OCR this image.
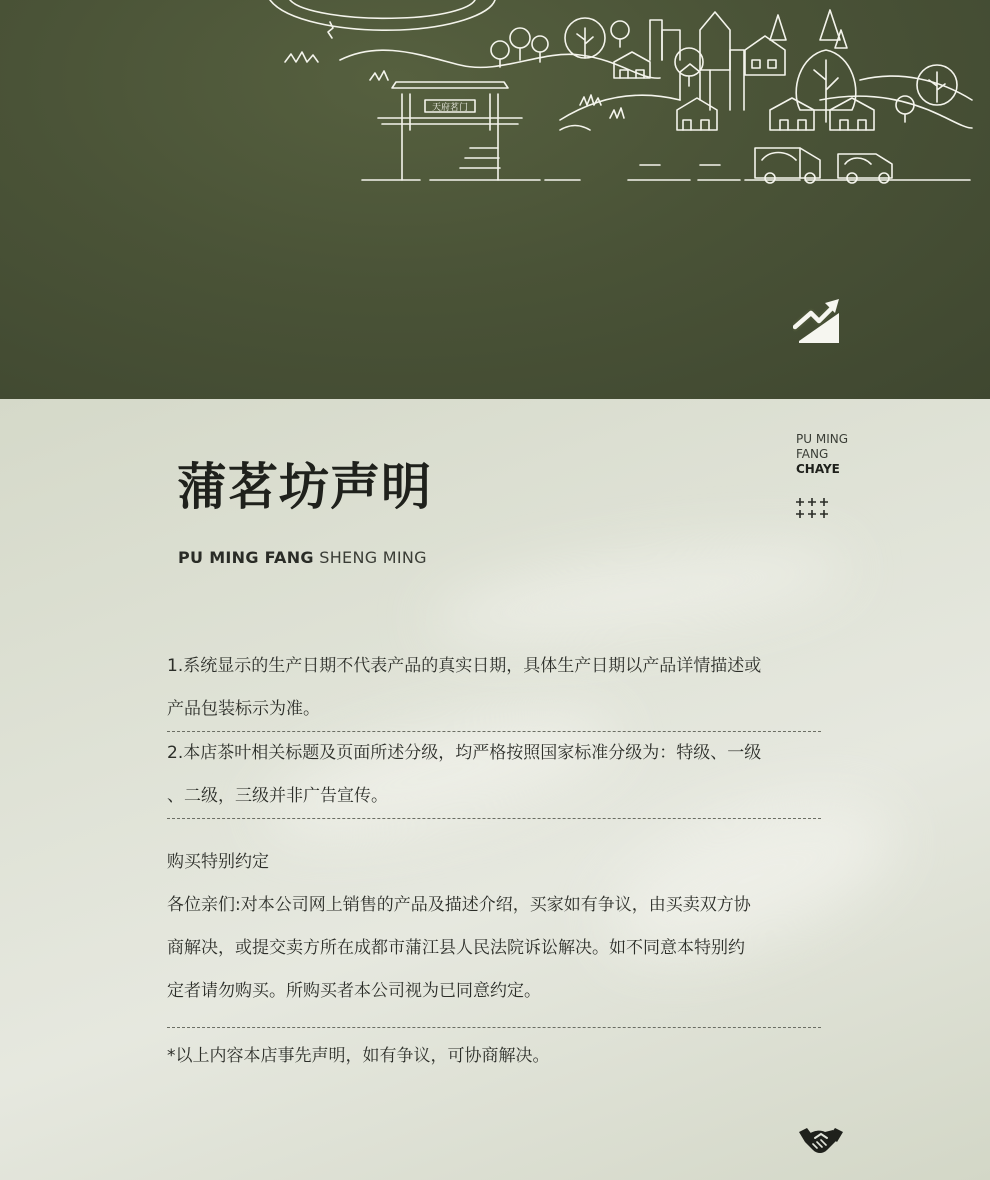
天府茗门
蒲茗坊声明
PU MING FANG SHENG MING
PU MING
FANG
CHAYE

1.系统显示的生产日期不代表产品的真实日期，具体生产日期以产品详情描述或

产品包装标示为准。

2.本店茶叶相关标题及页面所述分级，均严格按照国家标准分级为：特级、一级

、二级，三级并非广告宣传。

购买特别约定

各位亲们:对本公司网上销售的产品及描述介绍，买家如有争议，由买卖双方协

商解决，或提交卖方所在成都市蒲江县人民法院诉讼解决。如不同意本特别约

定者请勿购买。所购买者本公司视为已同意约定。

*以上内容本店事先声明，如有争议，可协商解决。
